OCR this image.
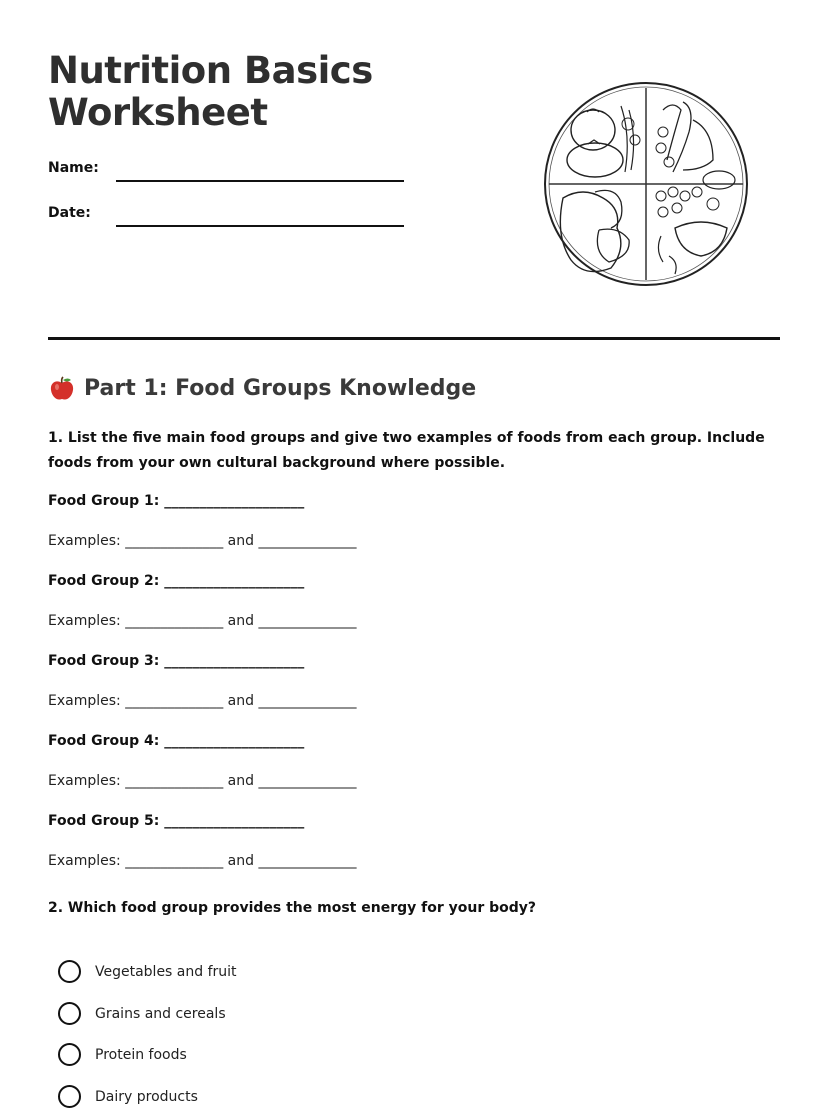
Nutrition Basics
Worksheet
Name:
Date:
Part 1: Food Groups Knowledge
1. List the five main food groups and give two examples of foods from each group. Include foods from your own cultural background where possible.
Food Group 1: ____________________
Examples: ______________ and ______________
Food Group 2: ____________________
Examples: ______________ and ______________
Food Group 3: ____________________
Examples: ______________ and ______________
Food Group 4: ____________________
Examples: ______________ and ______________
Food Group 5: ____________________
Examples: ______________ and ______________
2. Which food group provides the most energy for your body?
Vegetables and fruit
Grains and cereals
Protein foods
Dairy products
